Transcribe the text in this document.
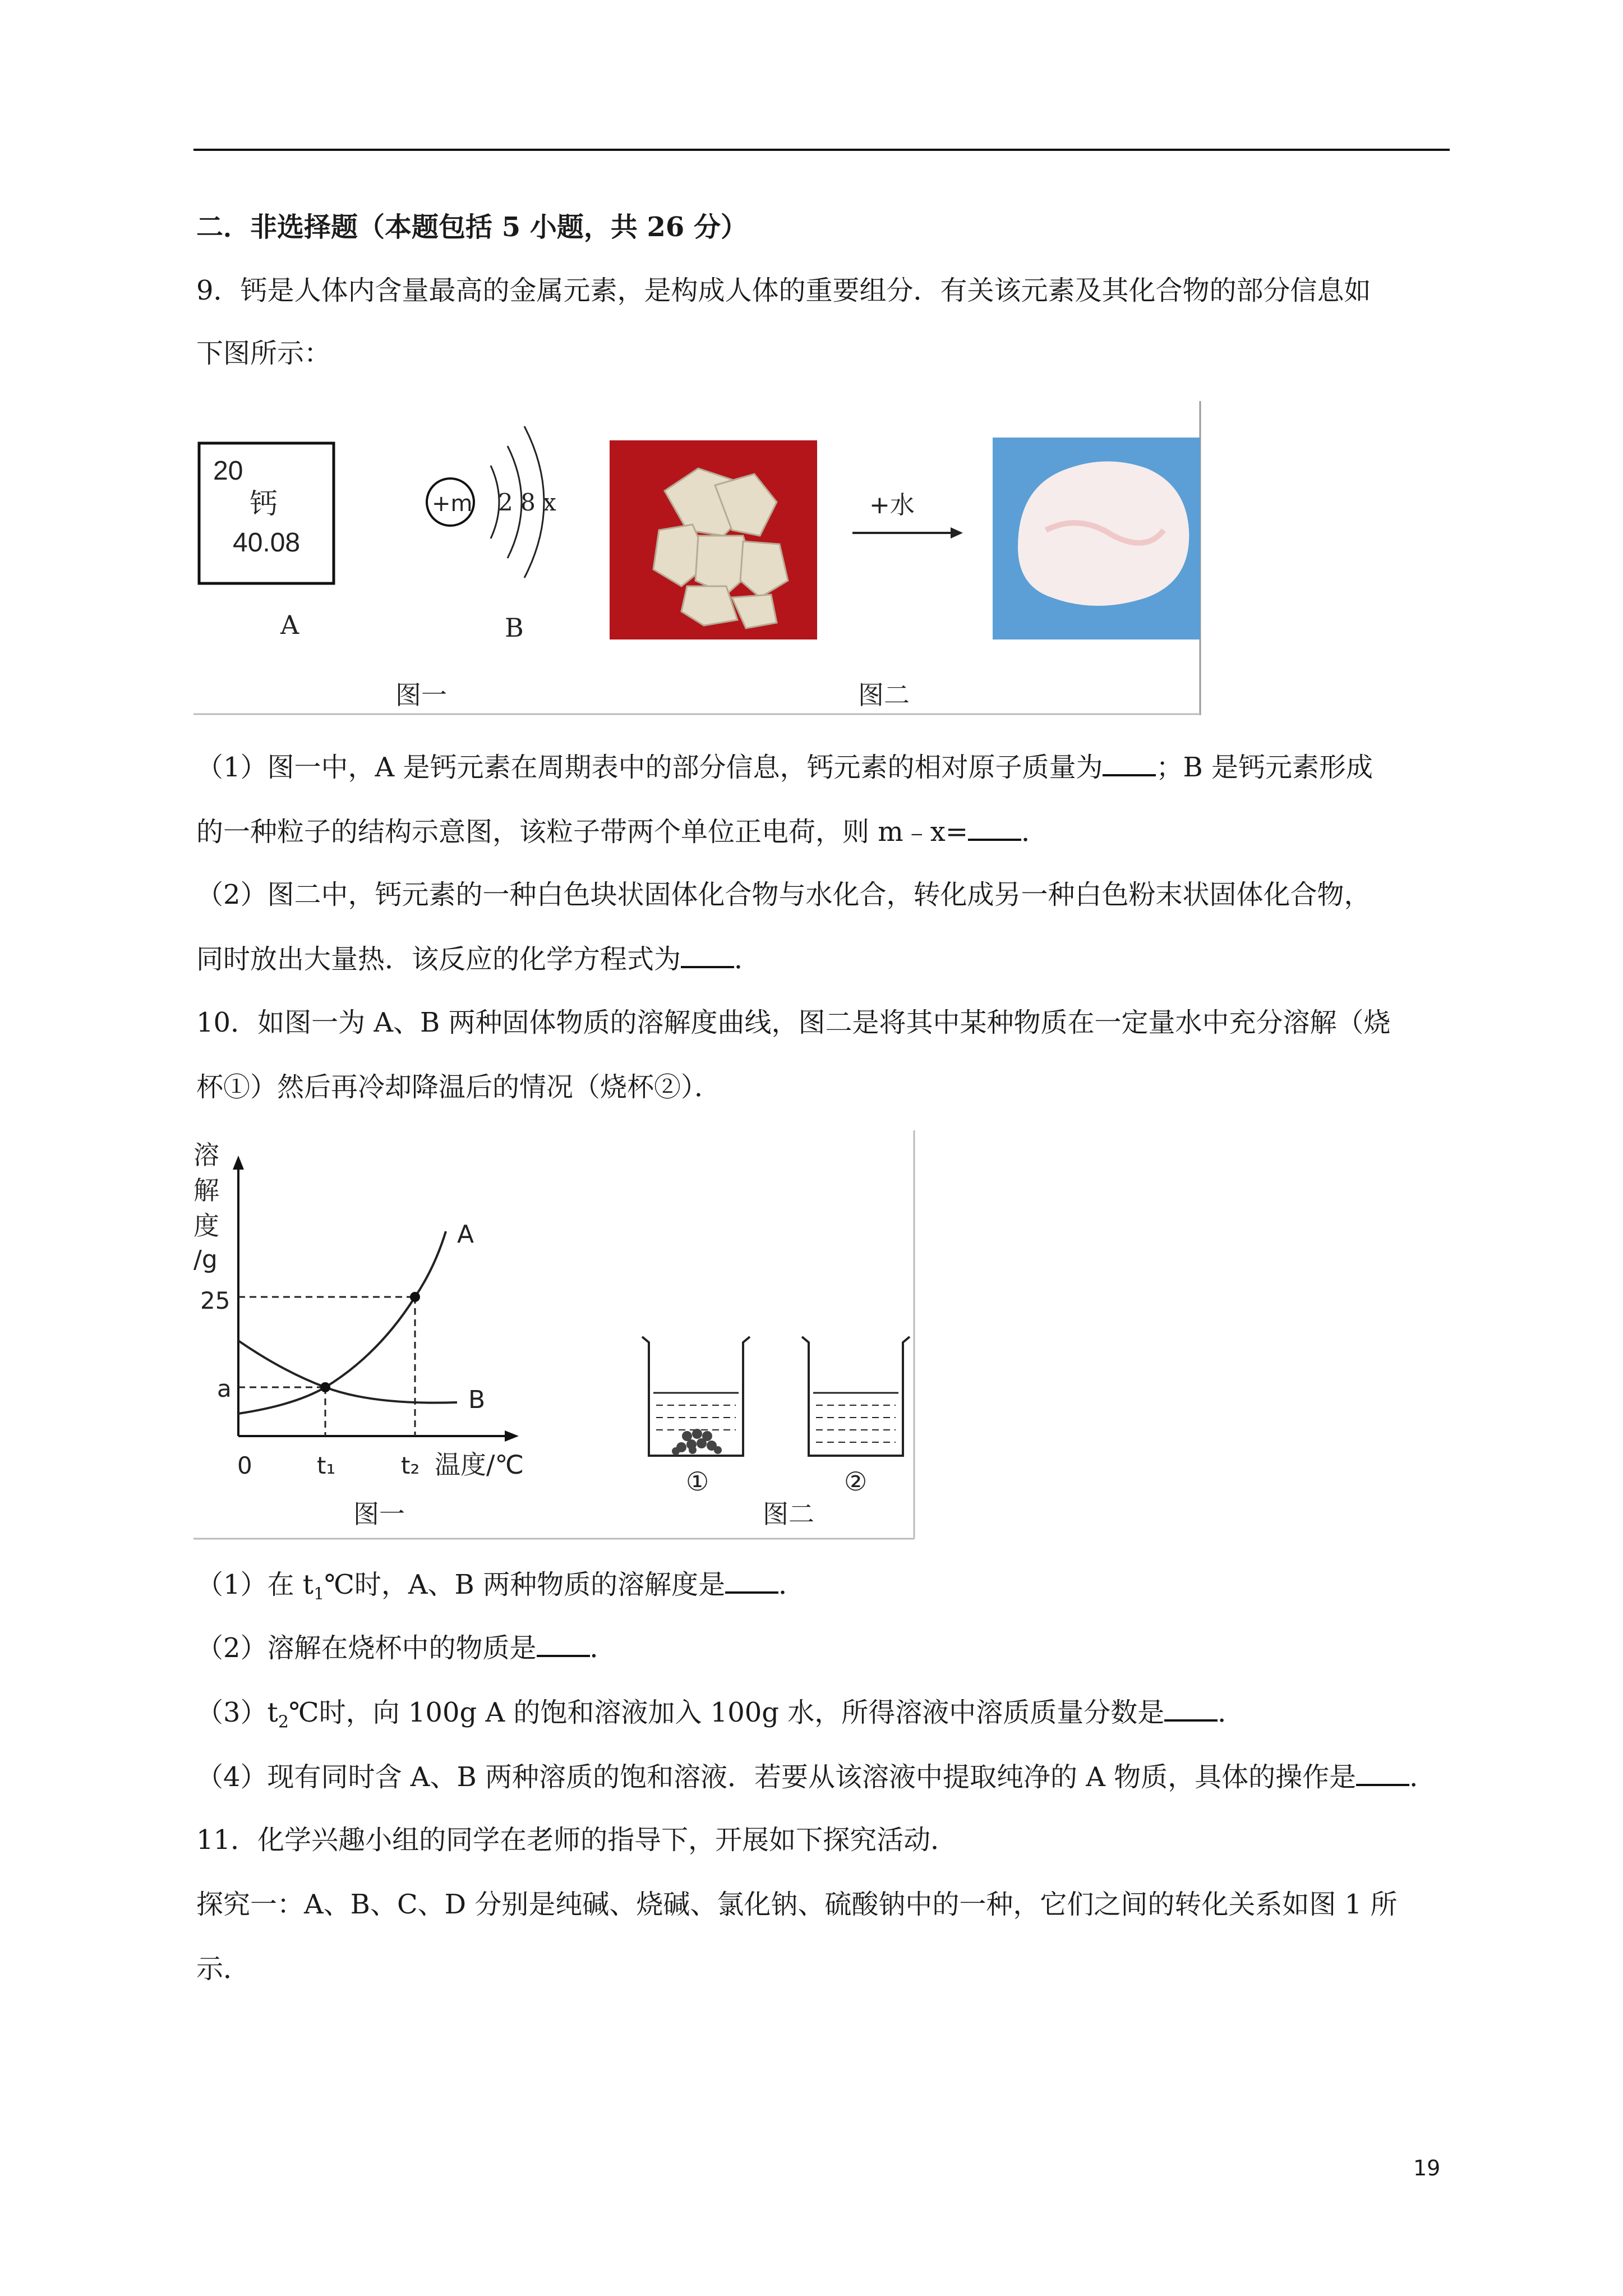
二．非选择题（本题包括 5 小题，共 26 分）
9．钙是人体内含量最高的金属元素，是构成人体的重要组分．有关该元素及其化合物的部分信息如
下图所示：
20
钙
40.08
A
+m 2 8 x
B
图一
+水
图二
（1）图一中，A 是钙元素在周期表中的部分信息，钙元素的相对原子质量为 ；B 是钙元素形成
的一种粒子的结构示意图，该粒子带两个单位正电荷，则 m﹣x= ．
（2）图二中，钙元素的一种白色块状固体化合物与水化合，转化成另一种白色粉末状固体化合物，
同时放出大量热．该反应的化学方程式为 ．
10．如图一为 A、B 两种固体物质的溶解度曲线，图二是将其中某种物质在一定量水中充分溶解（烧
杯①）然后再冷却降温后的情况（烧杯②）．
溶
解
度
/g
25
a
0	t₁	t₂ 温度/℃
A
B
图一
①	②
图二
（1）在 $t_1℃$时，A、B 两种物质的溶解度是 ．
（2）溶解在烧杯中的物质是 ．
$(3)t_2℃$时，向 100g A 的饱和溶液加入 100g 水，所得溶液中溶质质量分数是 ．
（4）现有同时含 A、B 两种溶质的饱和溶液．若要从该溶液中提取纯净的 A 物质，具体的操作是 ．
11．化学兴趣小组的同学在老师的指导下，开展如下探究活动．
探究一：A、B、C、D 分别是纯碱、烧碱、氯化钠、硫酸钠中的一种，它们之间的转化关系如图 1 所
示．
19
